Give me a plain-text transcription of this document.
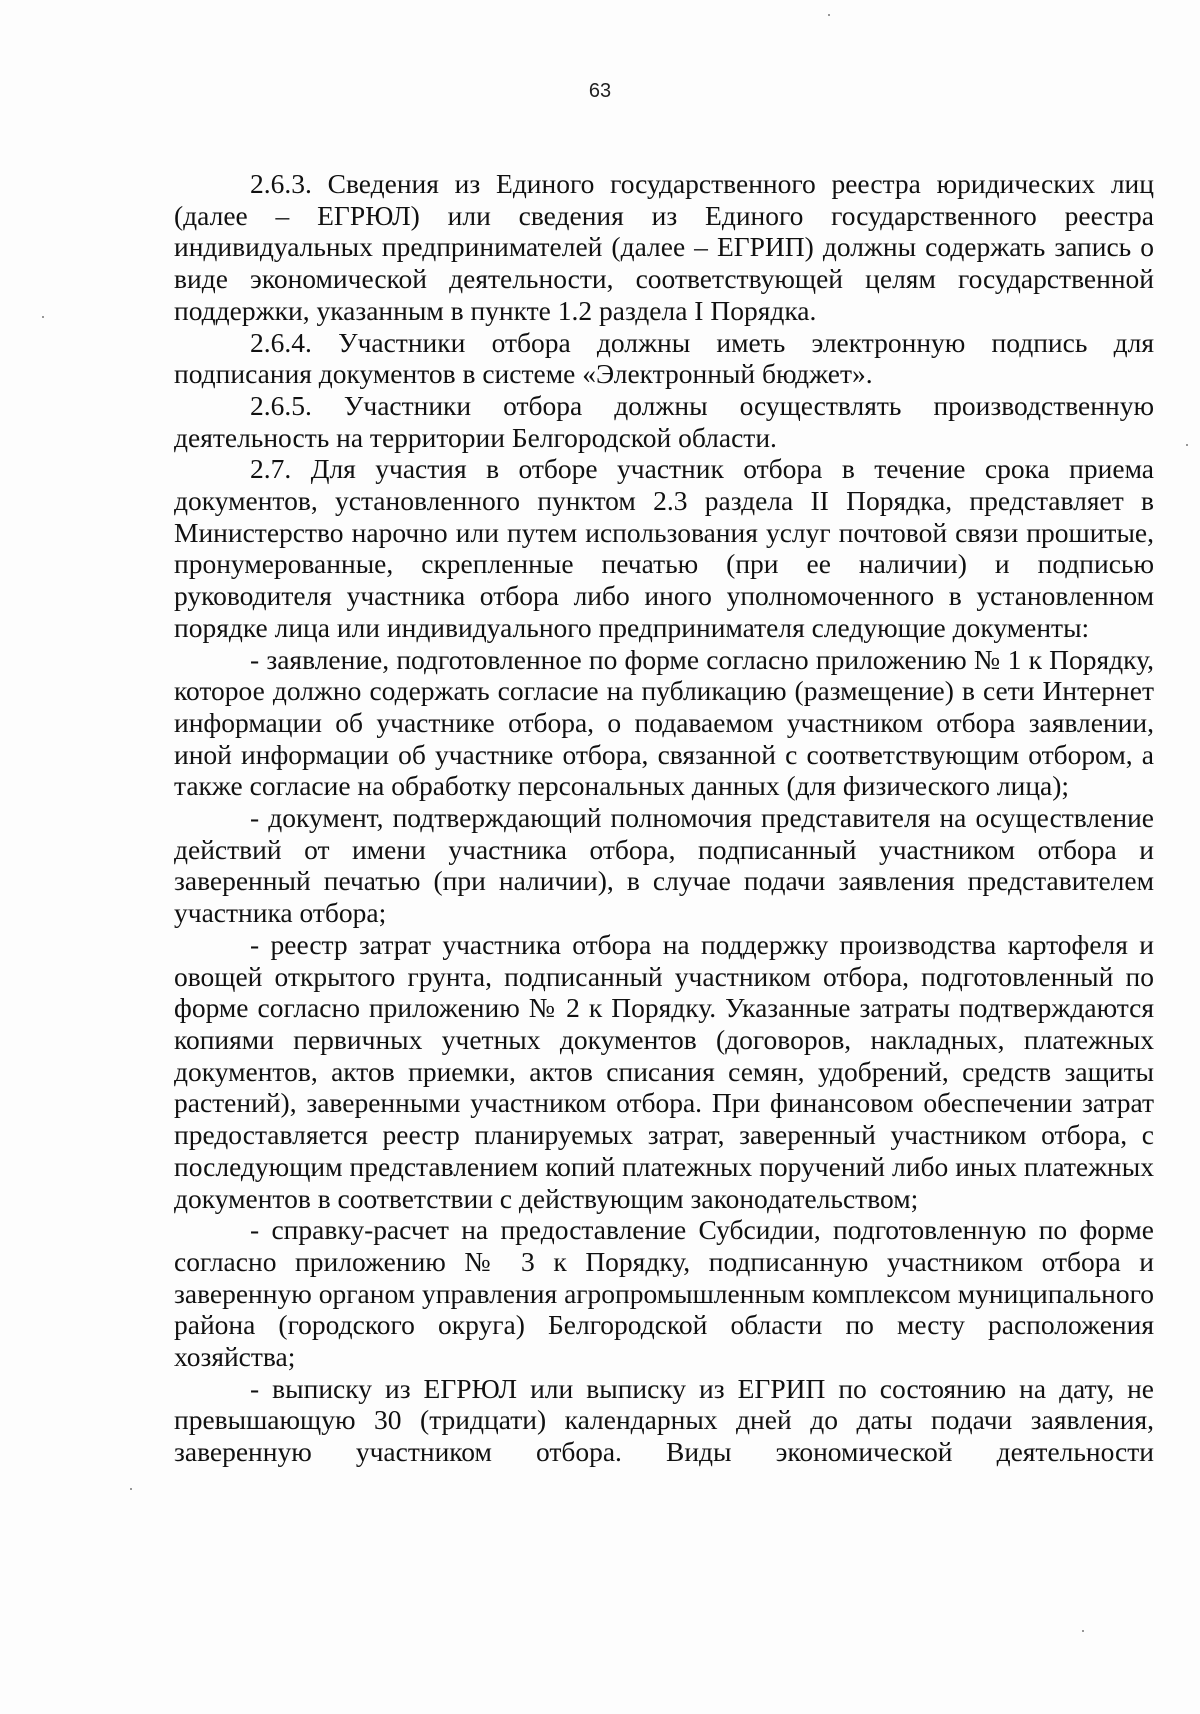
63

2.6.3. Сведения из Единого государственного реестра юридических лиц (далее – ЕГРЮЛ) или сведения из Единого государственного реестра индивидуальных предпринимателей (далее – ЕГРИП) должны содержать запись о виде экономической деятельности, соответствующей целям государственной поддержки, указанным в пункте 1.2 раздела I Порядка.

2.6.4. Участники отбора должны иметь электронную подпись для подписания документов в системе «Электронный бюджет».

2.6.5. Участники отбора должны осуществлять производственную деятельность на территории Белгородской области.

2.7. Для участия в отборе участник отбора в течение срока приема документов, установленного пунктом 2.3 раздела II Порядка, представляет в Министерство нарочно или путем использования услуг почтовой связи прошитые, пронумерованные, скрепленные печатью (при ее наличии) и подписью руководителя участника отбора либо иного уполномоченного в установленном порядке лица или индивидуального предпринимателя следующие документы:

- заявление, подготовленное по форме согласно приложению № 1 к Порядку, которое должно содержать согласие на публикацию (размещение) в сети Интернет информации об участнике отбора, о подаваемом участником отбора заявлении, иной информации об участнике отбора, связанной с соответствующим отбором, а также согласие на обработку персональных данных (для физического лица);

- документ, подтверждающий полномочия представителя на осуществление действий от имени участника отбора, подписанный участником отбора и заверенный печатью (при наличии), в случае подачи заявления представителем участника отбора;

- реестр затрат участника отбора на поддержку производства картофеля и овощей открытого грунта, подписанный участником отбора, подготовленный по форме согласно приложению № 2 к Порядку. Указанные затраты подтверждаются копиями первичных учетных документов (договоров, накладных, платежных документов, актов приемки, актов списания семян, удобрений, средств защиты растений), заверенными участником отбора. При финансовом обеспечении затрат предоставляется реестр планируемых затрат, заверенный участником отбора, с последующим представлением копий платежных поручений либо иных платежных документов в соответствии с действующим законодательством;

- справку-расчет на предоставление Субсидии, подготовленную по форме согласно приложению № 3 к Порядку, подписанную участником отбора и заверенную органом управления агропромышленным комплексом муниципального района (городского округа) Белгородской области по месту расположения хозяйства;

- выписку из ЕГРЮЛ или выписку из ЕГРИП по состоянию на дату, не превышающую 30 (тридцати) календарных дней до даты подачи заявления, заверенную участником отбора. Виды экономической деятельности
